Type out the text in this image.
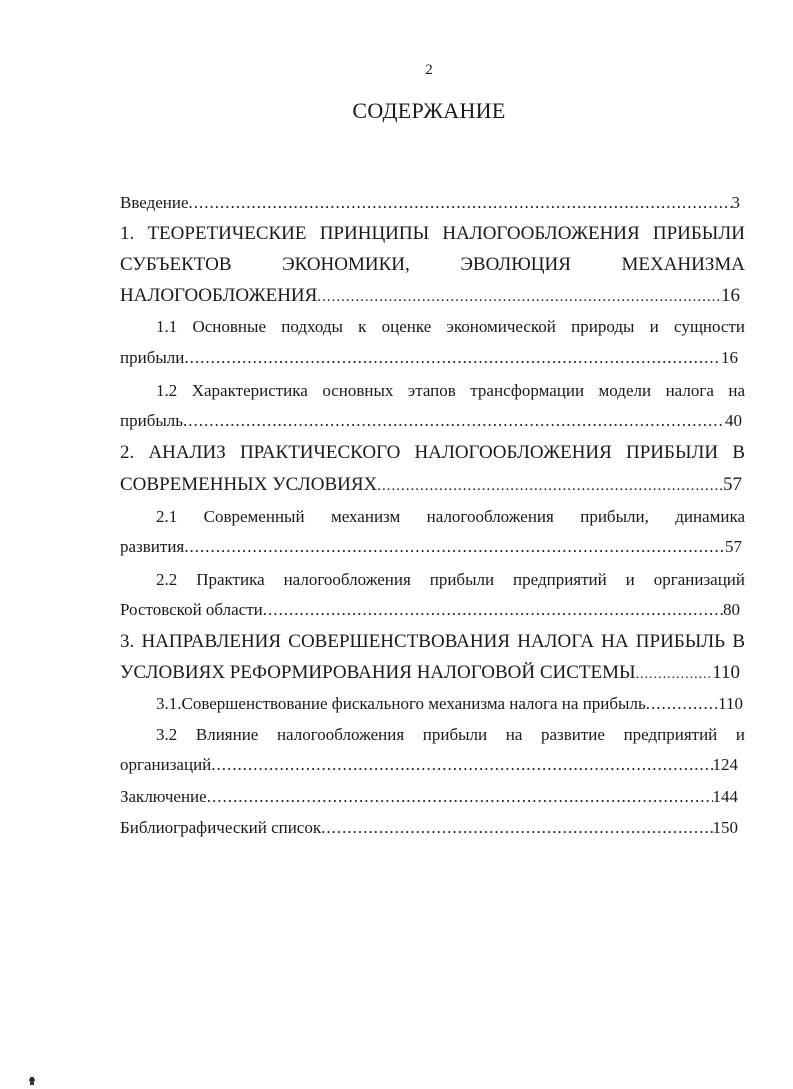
2
СОДЕРЖАНИЕ
Введение .....	3
1. ТЕОРЕТИЧЕСКИЕ ПРИНЦИПЫ НАЛОГООБЛОЖЕНИЯ ПРИБЫЛИ
СУБЪЕКТОВ ЭКОНОМИКИ, ЭВОЛЮЦИЯ МЕХАНИЗМА
НАЛОГООБЛОЖЕНИЯ .....	16
1.1 Основные подходы к оценке экономической природы и сущности
прибыли .....	16
1.2 Характеристика основных этапов трансформации модели налога на
прибыль .....	40
2. АНАЛИЗ ПРАКТИЧЕСКОГО НАЛОГООБЛОЖЕНИЯ ПРИБЫЛИ В
СОВРЕМЕННЫХ УСЛОВИЯХ .....	57
2.1 Современный механизм налогообложения прибыли, динамика
развития .....	57
2.2 Практика налогообложения прибыли предприятий и организаций
Ростовской области .....	80
3. НАПРАВЛЕНИЯ СОВЕРШЕНСТВОВАНИЯ НАЛОГА НА ПРИБЫЛЬ В
УСЛОВИЯХ РЕФОРМИРОВАНИЯ НАЛОГОВОЙ СИСТЕМЫ .....	110
3.1.Совершенствование фискального механизма налога на прибыль .....	110
3.2 Влияние налогообложения прибыли на развитие предприятий и
организаций .....	124
Заключение .....	144
Библиографический список .....	150
